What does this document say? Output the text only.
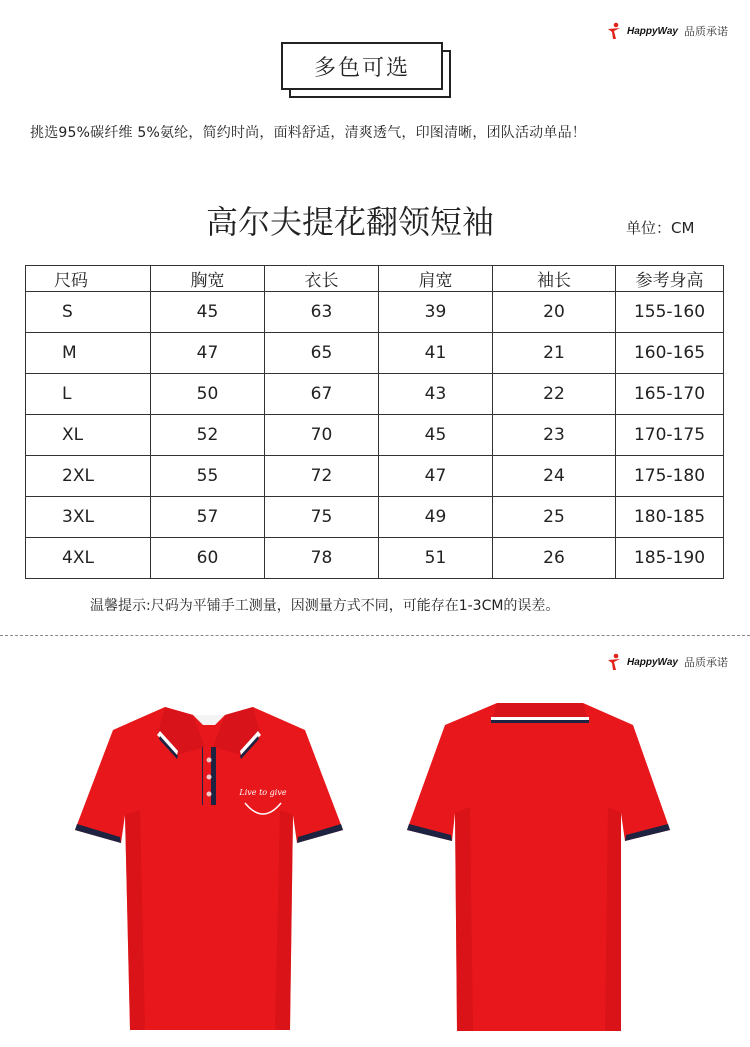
HappyWay 品质承诺
多色可选
挑选95%碳纤维 5%氨纶，简约时尚，面料舒适，清爽透气，印图清晰，团队活动单品！
高尔夫提花翻领短袖	单位：CM
尺码	胸宽	衣长	肩宽	袖长	参考身高
S	45	63	39	20	155-160
M	47	65	41	21	160-165
L	50	67	43	22	165-170
XL	52	70	45	23	170-175
2XL	55	72	47	24	175-180
3XL	57	75	49	25	180-185
4XL	60	78	51	26	185-190
温馨提示:尺码为平铺手工测量，因测量方式不同，可能存在1-3CM的误差。
HappyWay 品质承诺
Live to give
